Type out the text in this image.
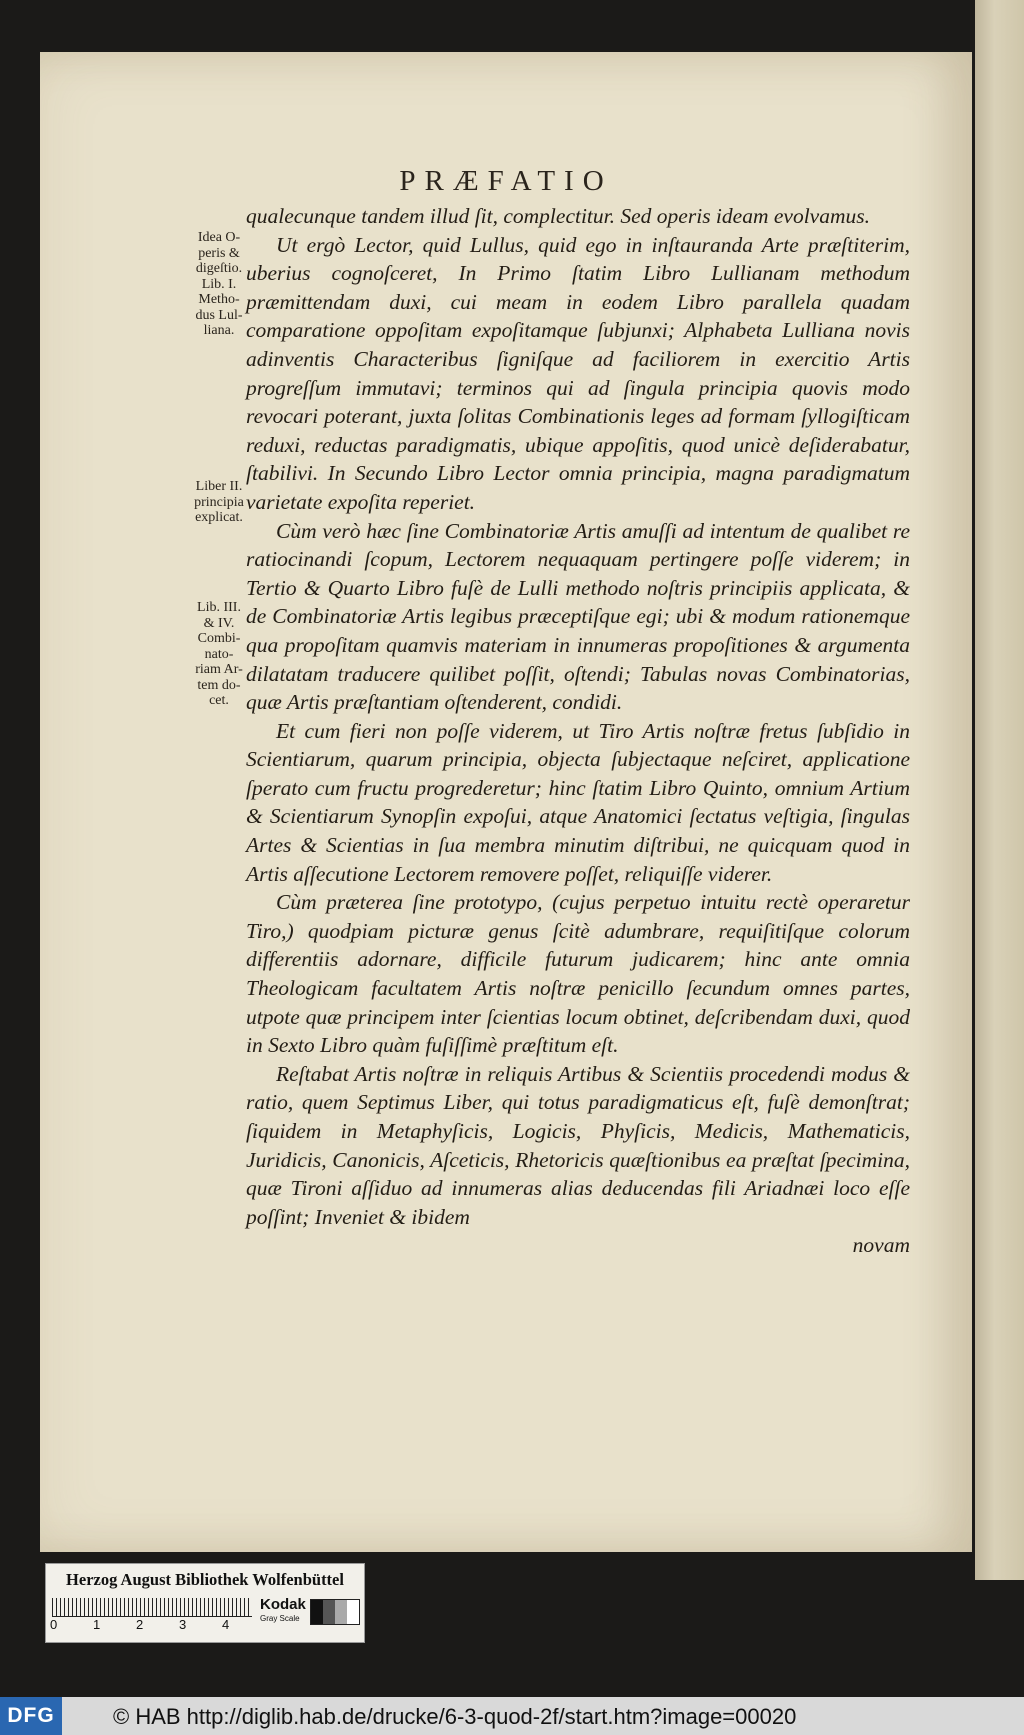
PRÆFATIO
Idea O-
peris &
digeſtio.
Lib. I.
Metho-
dus Lul-
liana.
Liber II.
principia
explicat.
Lib. III.
& IV.
Combi-
nato-
riam Ar-
tem do-
cet.

qualecunque tandem illud ſit, complectitur. Sed operis ideam evolvamus.

Ut ergò Lector, quid Lullus, quid ego in inſtauranda Arte præſtiterim, uberius cognoſceret, In Primo ſtatim Libro Lullianam methodum præmittendam duxi, cui meam in eodem Libro parallela quadam comparatione oppoſitam expoſitamque ſubjunxi; Alphabeta Lulliana novis adinventis Characteribus ſigniſque ad faciliorem in exercitio Artis progreſſum immutavi; terminos qui ad ſingula principia quovis modo revocari poterant, juxta ſolitas Combinationis leges ad formam ſyllogiſticam reduxi, reductas paradigmatis, ubique appoſitis, quod unicè deſiderabatur, ſtabilivi. In Secundo Libro Lector omnia principia, magna paradigmatum varietate expoſita reperiet.

Cùm verò hæc ſine Combinatoriæ Artis amuſſi ad intentum de qualibet re ratiocinandi ſcopum, Lectorem nequaquam pertingere poſſe viderem; in Tertio & Quarto Libro fuſè de Lulli methodo noſtris principiis applicata, & de Combinatoriæ Artis legibus præceptiſque egi; ubi & modum rationemque qua propoſitam quamvis materiam in innumeras propoſitiones & argumenta dilatatam traducere quilibet poſſit, oſtendi; Tabulas novas Combinatorias, quæ Artis præſtantiam oſtenderent, condidi.

Et cum fieri non poſſe viderem, ut Tiro Artis noſtræ fretus ſubſidio in Scientiarum, quarum principia, objecta ſubjectaque neſciret, applicatione ſperato cum fructu progrederetur; hinc ſtatim Libro Quinto, omnium Artium & Scientiarum Synopſin expoſui, atque Anatomici ſectatus veſtigia, ſingulas Artes & Scientias in ſua membra minutim diſtribui, ne quicquam quod in Artis aſſecutione Lectorem removere poſſet, reliquiſſe viderer.

Cùm præterea ſine prototypo, (cujus perpetuo intuitu rectè operaretur Tiro,) quodpiam picturæ genus ſcitè adumbrare, requiſitiſque colorum differentiis adornare, difficile futurum judicarem; hinc ante omnia Theologicam facultatem Artis noſtræ penicillo ſecundum omnes partes, utpote quæ principem inter ſcientias locum obtinet, deſcribendam duxi, quod in Sexto Libro quàm fuſiſſimè præſtitum eſt.

Reſtabat Artis noſtræ in reliquis Artibus & Scientiis procedendi modus & ratio, quem Septimus Liber, qui totus paradigmaticus eſt, fuſè demonſtrat; ſiquidem in Metaphyſicis, Logicis, Phyſicis, Medicis, Mathematicis, Juridicis, Canonicis, Aſceticis, Rhetoricis quæſtionibus ea præſtat ſpecimina, quæ Tironi aſſiduo ad innumeras alias deducendas fili Ariadnæi loco eſſe poſſint; Inveniet & ibidem

novam

Herzog August Bibliothek Wolfenbüttel
0	1	2	3	4
Kodak
Gray Scale
DFG	© HAB http://diglib.hab.de/drucke/6-3-quod-2f/start.htm?image=00020
